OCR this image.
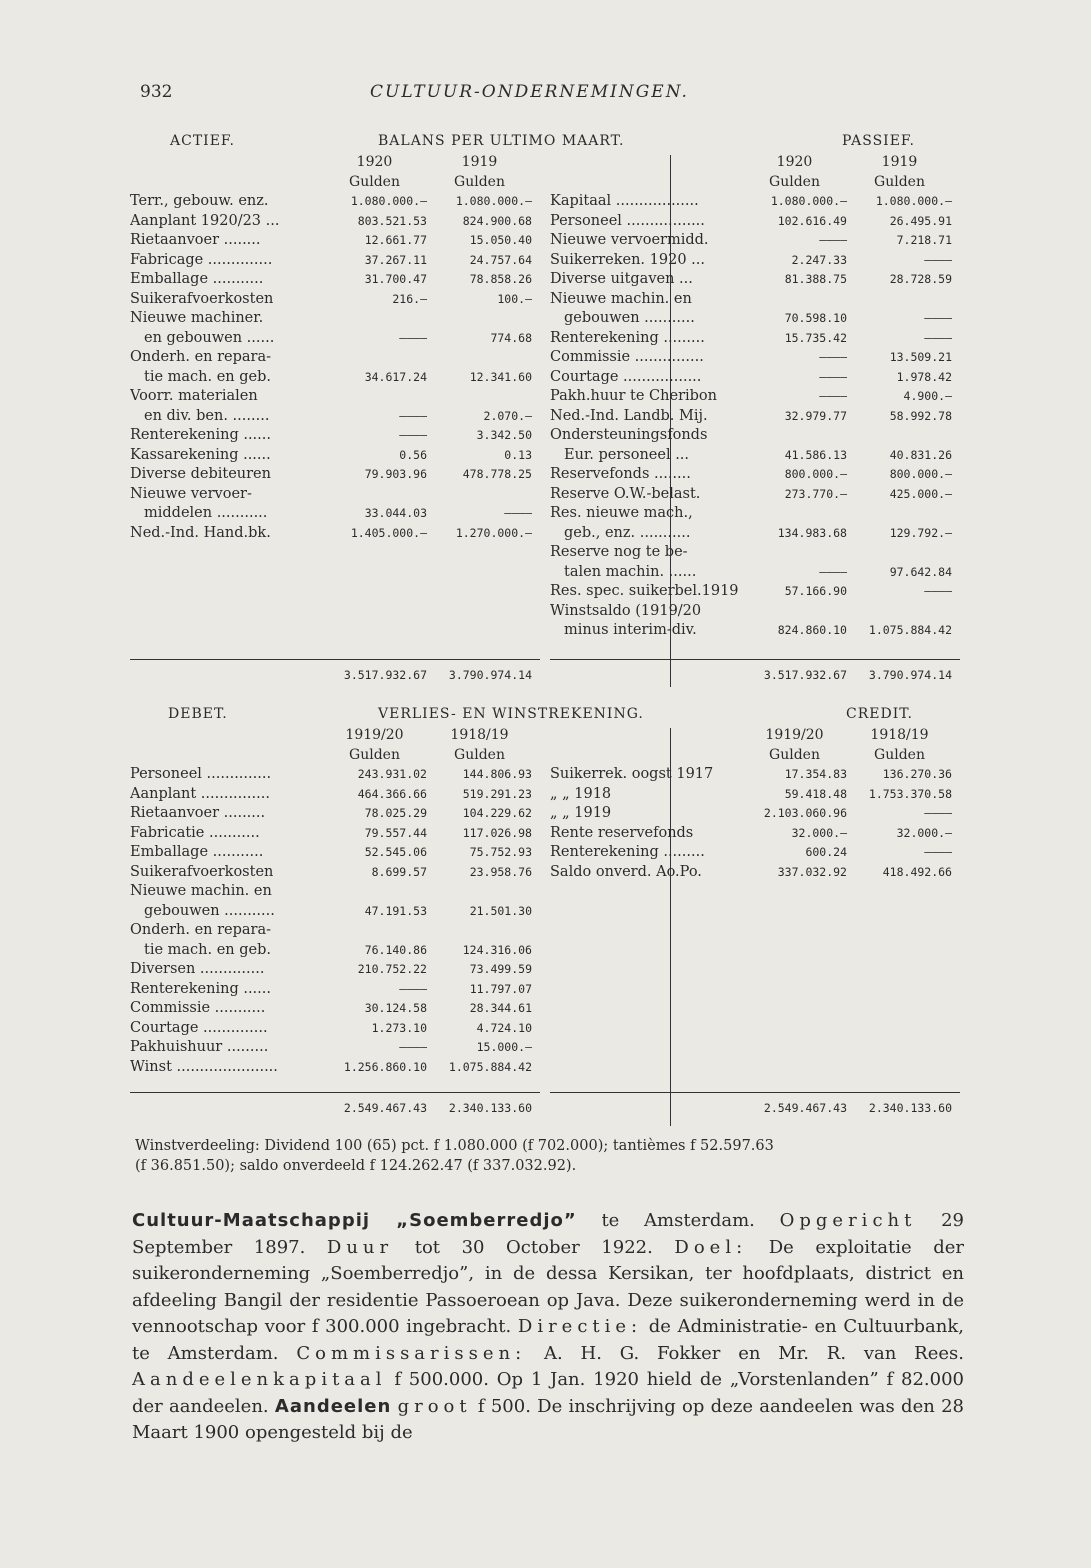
932	CULTUUR-ONDERNEMINGEN.
ACTIEF.	BALANS PER ULTIMO MAART.	PASSIEF.
1920	1919
Gulden	Gulden
Terr., gebouw. enz.	1.080.000.—	1.080.000.—
Aanplant 1920/23 ...	803.521.53	824.900.68
Rietaanvoer ........	12.661.77	15.050.40
Fabricage ..............	37.267.11	24.757.64
Emballage ...........	31.700.47	78.858.26
Suikerafvoerkosten	216.—	100.—
Nieuwe machiner.
en gebouwen ......	————	774.68
Onderh. en repara-
tie mach. en geb.	34.617.24	12.341.60
Voorr. materialen
en div. ben. ........	————	2.070.—
Renterekening ......	————	3.342.50
Kassarekening ......	0.56	0.13
Diverse debiteuren	79.903.96	478.778.25
Nieuwe vervoer-
middelen ...........	33.044.03	————
Ned.-Ind. Hand.bk.	1.405.000.—	1.270.000.—
1920	1919
Gulden	Gulden
Kapitaal ..................	1.080.000.—	1.080.000.—
Personeel .................	102.616.49	26.495.91
Nieuwe vervoermidd.	————	7.218.71
Suikerreken. 1920 ...	2.247.33	————
Diverse uitgaven ...	81.388.75	28.728.59
Nieuwe machin. en
gebouwen ...........	70.598.10	————
Renterekening .........	15.735.42	————
Commissie ...............	————	13.509.21
Courtage .................	————	1.978.42
Pakh.huur te Cheribon	————	4.900.—
Ned.-Ind. Landb. Mij.	32.979.77	58.992.78
Ondersteuningsfonds
Eur. personeel ...	41.586.13	40.831.26
Reservefonds ........	800.000.—	800.000.—
Reserve O.W.-belast.	273.770.—	425.000.—
Res. nieuwe mach.,
geb., enz. ...........	134.983.68	129.792.—
Reserve nog te be-
talen machin. ......	————	97.642.84
Res. spec. suikerbel.1919	57.166.90	————
Winstsaldo (1919/20
minus interim-div.	824.860.10	1.075.884.42
3.517.932.67	3.790.974.14	3.517.932.67	3.790.974.14
DEBET.	VERLIES- EN WINSTREKENING.	CREDIT.
1919/20	1918/19
Gulden	Gulden
Personeel ..............	243.931.02	144.806.93
Aanplant ...............	464.366.66	519.291.23
Rietaanvoer .........	78.025.29	104.229.62
Fabricatie ...........	79.557.44	117.026.98
Emballage ...........	52.545.06	75.752.93
Suikerafvoerkosten	8.699.57	23.958.76
Nieuwe machin. en
gebouwen ...........	47.191.53	21.501.30
Onderh. en repara-
tie mach. en geb.	76.140.86	124.316.06
Diversen ..............	210.752.22	73.499.59
Renterekening ......	————	11.797.07
Commissie ...........	30.124.58	28.344.61
Courtage ..............	1.273.10	4.724.10
Pakhuishuur .........	————	15.000.—
Winst ......................	1.256.860.10	1.075.884.42
1919/20	1918/19
Gulden	Gulden
Suikerrek. oogst 1917	17.354.83	136.270.36
„ „ 1918	59.418.48	1.753.370.58
„ „ 1919	2.103.060.96	————
Rente reservefonds	32.000.—	32.000.—
Renterekening .........	600.24	————
Saldo onverd. Ao.Po.	337.032.92	418.492.66
2.549.467.43	2.340.133.60	2.549.467.43	2.340.133.60
Winstverdeeling: Dividend 100 (65) pct. f 1.080.000 (f 702.000); tantièmes f 52.597.63
(f 36.851.50); saldo onverdeeld f 124.262.47 (f 337.032.92).

Cultuur-Maatschappij „Soemberredjo” te Amsterdam. Opgericht 29 September 1897. Duur tot 30 October 1922. Doel: De exploitatie der suikeronderneming „Soemberredjo”, in de dessa Kersikan, ter hoofdplaats, district en afdeeling Bangil der residentie Passoeroean op Java. Deze suikeronderneming werd in de vennootschap voor f 300.000 ingebracht. Directie: de Administratie- en Cultuurbank, te Amsterdam. Commissarissen: A. H. G. Fokker en Mr. R. van Rees. Aandeelenkapitaal f 500.000. Op 1 Jan. 1920 hield de „Vorstenlanden” f 82.000 der aandeelen. Aandeelen groot f 500. De inschrijving op deze aandeelen was den 28 Maart 1900 opengesteld bij de
